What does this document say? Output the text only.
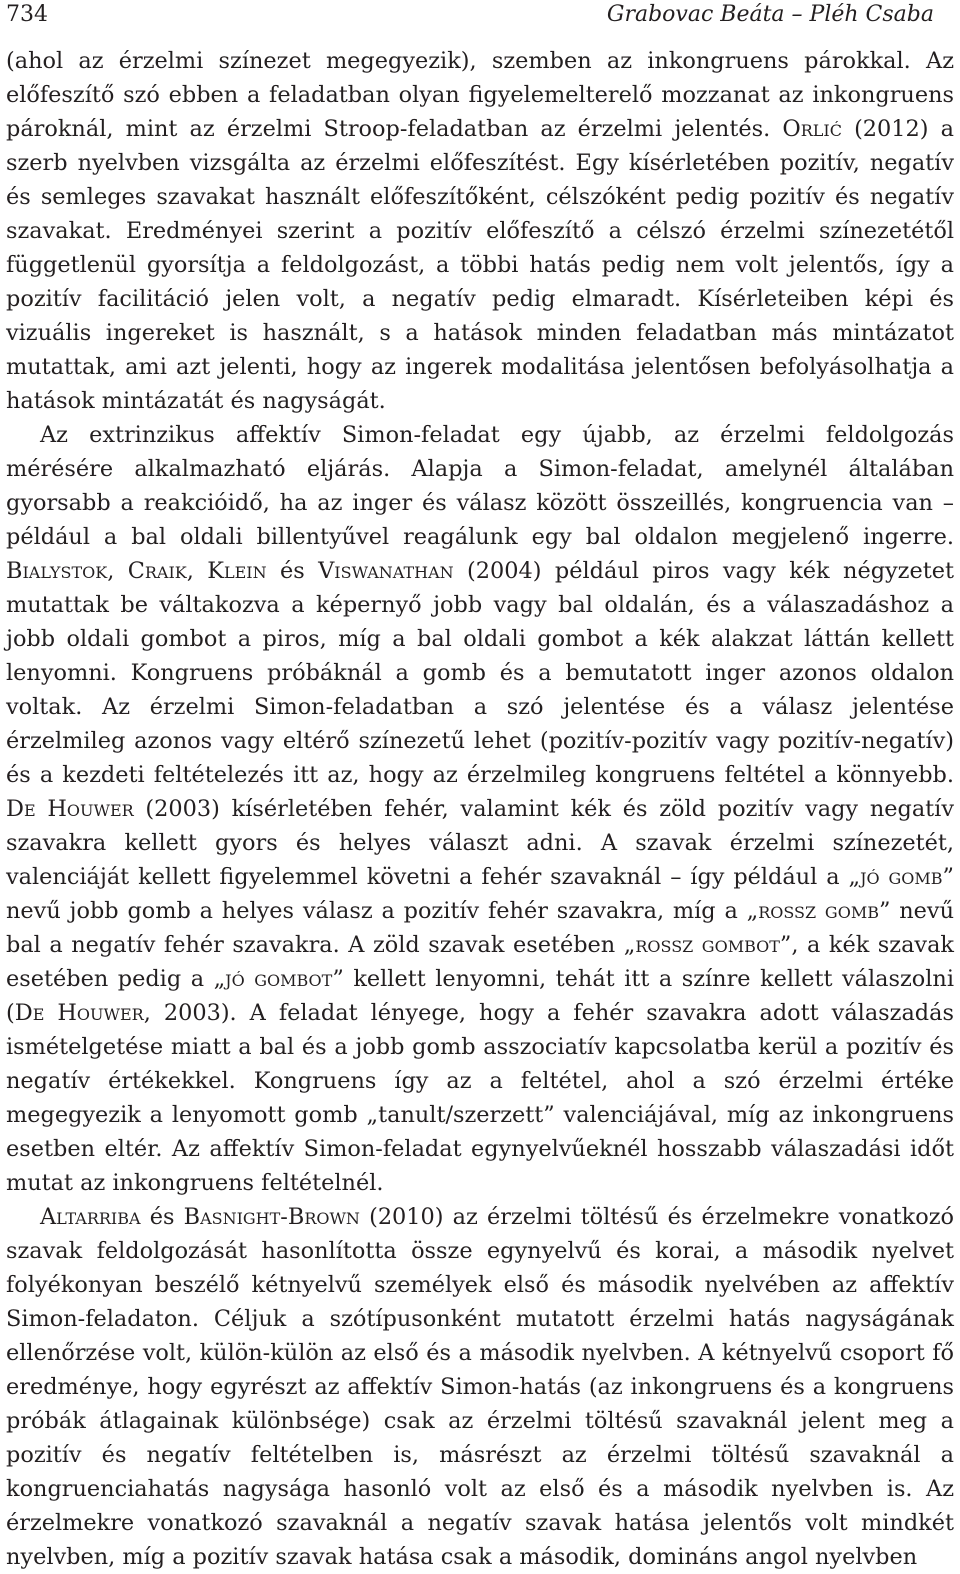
734	Grabovac Beáta – Pléh Csaba

(ahol az érzelmi színezet megegyezik), szemben az inkongruens párokkal. Az előfeszítő szó ebben a feladatban olyan figyelemelterelő mozzanat az inkongruens pároknál, mint az érzelmi Stroop-feladatban az érzelmi jelentés. Orlić (2012) a szerb nyelvben vizsgálta az érzelmi előfeszítést. Egy kísérletében pozitív, negatív és semleges szavakat használt előfeszítőként, célszóként pedig pozitív és negatív szavakat. Eredményei szerint a pozitív előfeszítő a célszó érzelmi színezetétől függetlenül gyorsítja a feldolgozást, a többi hatás pedig nem volt jelentős, így a pozitív facilitáció jelen volt, a negatív pedig elmaradt. Kísérleteiben képi és vizuális ingereket is használt, s a hatások minden feladatban más mintázatot mutattak, ami azt jelenti, hogy az ingerek modalitása jelentősen befolyásolhatja a hatások mintázatát és nagyságát.

Az extrinzikus affektív Simon-feladat egy újabb, az érzelmi feldolgozás mérésére alkalmazható eljárás. Alapja a Simon-feladat, amelynél általában gyorsabb a reakcióidő, ha az inger és válasz között összeillés, kongruencia van – például a bal oldali billentyűvel reagálunk egy bal oldalon megjelenő ingerre. Bialystok, Craik, Klein és Viswanathan (2004) például piros vagy kék négyzetet mutattak be váltakozva a képernyő jobb vagy bal oldalán, és a válaszadáshoz a jobb oldali gombot a piros, míg a bal oldali gombot a kék alakzat láttán kellett lenyomni. Kongruens próbáknál a gomb és a bemutatott inger azonos oldalon voltak. Az érzelmi Simon-feladatban a szó jelentése és a válasz jelentése érzelmileg azonos vagy eltérő színezetű lehet (pozitív-pozitív vagy pozitív-negatív) és a kezdeti feltételezés itt az, hogy az érzelmileg kongruens feltétel a könnyebb. De Houwer (2003) kísérletében fehér, valamint kék és zöld pozitív vagy negatív szavakra kellett gyors és helyes választ adni. A szavak érzelmi színezetét, valenciáját kellett figyelemmel követni a fehér szavaknál – így például a „jó gomb” nevű jobb gomb a helyes válasz a pozitív fehér szavakra, míg a „rossz gomb” nevű bal a negatív fehér szavakra. A zöld szavak esetében „rossz gombot”, a kék szavak esetében pedig a „jó gombot” kellett lenyomni, tehát itt a színre kellett válaszolni (De Houwer, 2003). A feladat lényege, hogy a fehér szavakra adott válaszadás ismételgetése miatt a bal és a jobb gomb asszociatív kapcsolatba kerül a pozitív és negatív értékekkel. Kongruens így az a feltétel, ahol a szó érzelmi értéke megegyezik a lenyomott gomb „tanult/szerzett” valenciájával, míg az inkongruens esetben eltér. Az affektív Simon-feladat egynyelvűeknél hosszabb válaszadási időt mutat az inkongruens feltételnél.

Altarriba és Basnight-Brown (2010) az érzelmi töltésű és érzelmekre vonatkozó szavak feldolgozását hasonlította össze egynyelvű és korai, a második nyelvet folyékonyan beszélő kétnyelvű személyek első és második nyelvében az affektív Simon-feladaton. Céljuk a szótípusonként mutatott érzelmi hatás nagyságának ellenőrzése volt, külön-külön az első és a második nyelvben. A kétnyelvű csoport fő eredménye, hogy egyrészt az affektív Simon-hatás (az inkongruens és a kongruens próbák átlagainak különbsége) csak az érzelmi töltésű szavaknál jelent meg a pozitív és negatív feltételben is, másrészt az érzelmi töltésű szavaknál a kongruenciahatás nagysága hasonló volt az első és a második nyelvben is. Az érzelmekre vonatkozó szavaknál a negatív szavak hatása jelentős volt mindkét nyelvben, míg a pozitív szavak hatása csak a második, domináns angol nyelvben
